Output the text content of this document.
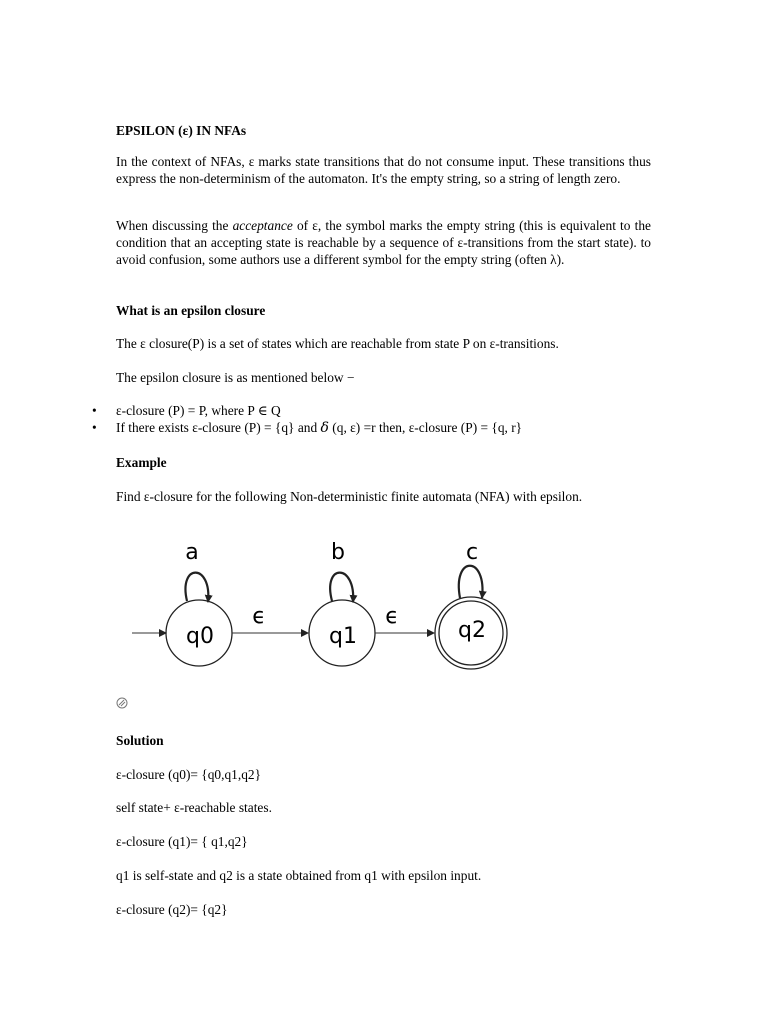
EPSILON (ε) IN NFAs
In the context of NFAs, ε marks state transitions that do not consume input. These transitions thus express the non-determinism of the automaton. It's the empty string, so a string of length zero.
When discussing the acceptance of ε, the symbol marks the empty string (this is equivalent to the condition that an accepting state is reachable by a sequence of ε-transitions from the start state). to avoid confusion, some authors use a different symbol for the empty string (often λ).
What is an epsilon closure
The ε closure(P) is a set of states which are reachable from state P on ε-transitions.
The epsilon closure is as mentioned below −
• ε-closure (P) = P, where P ∈ Q
• If there exists ε-closure (P) = {q} and δ (q, ε) =r then, ε-closure (P) = {q, r}
Example
Find ε-closure for the following Non-deterministic finite automata (NFA) with epsilon.
q0	q1	q2
a	b	c
ϵ	ϵ
Solution
ε-closure (q0)= {q0,q1,q2}
self state+ ε-reachable states.
ε-closure (q1)= { q1,q2}
q1 is self-state and q2 is a state obtained from q1 with epsilon input.
ε-closure (q2)= {q2}
